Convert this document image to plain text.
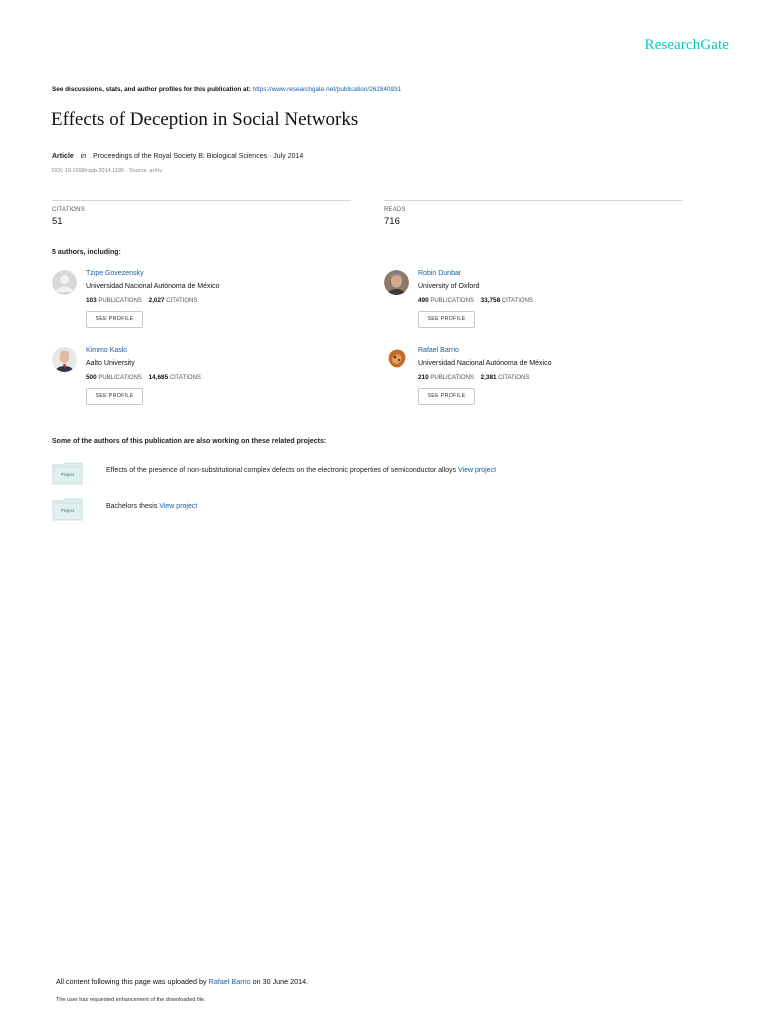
ResearchGate
See discussions, stats, and author profiles for this publication at: https://www.researchgate.net/publication/262840931
Effects of Deception in Social Networks
Article in Proceedings of the Royal Society B: Biological Sciences · July 2014
DOI: 10.1098/rspb.2014.1195 · Source: arXiv
CITATIONS
51
READS
716
5 authors, including:
Tzipe Govezensky
Universidad Nacional Autónoma de México
103 PUBLICATIONS 2,027 CITATIONS
SEE PROFILE
Robin Dunbar
University of Oxford
490 PUBLICATIONS 33,758 CITATIONS
SEE PROFILE
Kimmo Kaski
Aalto University
500 PUBLICATIONS 14,685 CITATIONS
SEE PROFILE
Rafael Barrio
Universidad Nacional Autónoma de México
210 PUBLICATIONS 2,381 CITATIONS
SEE PROFILE
Some of the authors of this publication are also working on these related projects:
Project
Effects of the presence of non-substitutional complex defects on the electronic properties of semiconductor alloys View project
Project
Bachelors thesis View project
All content following this page was uploaded by Rafael Barrio on 30 June 2014.
The user has requested enhancement of the downloaded file.
